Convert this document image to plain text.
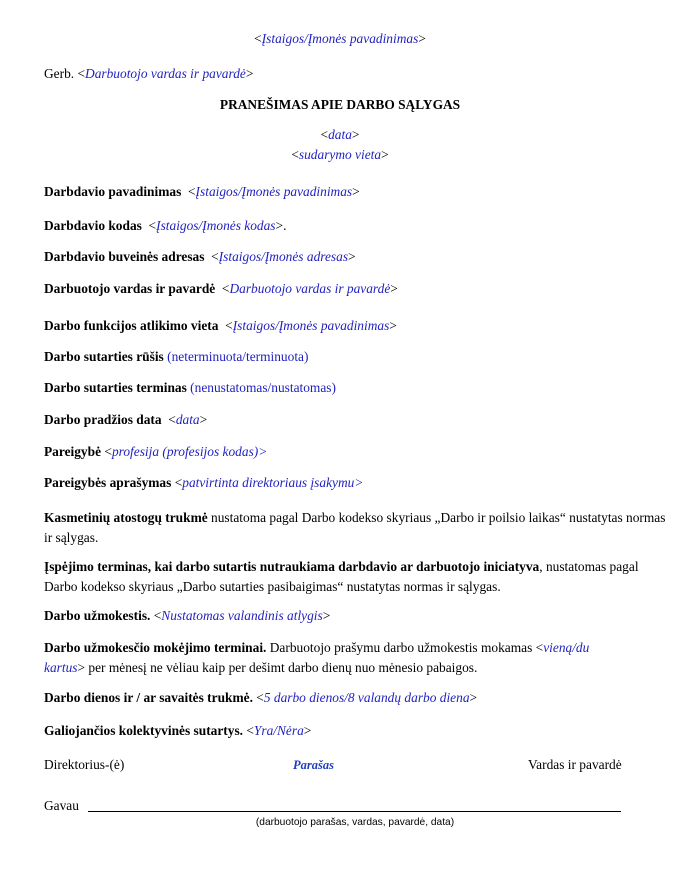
<Įstaigos/Įmonės pavadinimas>
Gerb. <Darbuotojo vardas ir pavardė>
PRANEŠIMAS APIE DARBO SĄLYGAS
<data>
<sudarymo vieta>
Darbdavio pavadinimas  <Įstaigos/Įmonės pavadinimas>
Darbdavio kodas  <Įstaigos/Įmonės kodas>.
Darbdavio buveinės adresas  <Įstaigos/Įmonės adresas>
Darbuotojo vardas ir pavardė  <Darbuotojo vardas ir pavardė>
Darbo funkcijos atlikimo vieta  <Įstaigos/Įmonės pavadinimas>
Darbo sutarties rūšis (neterminuota/terminuota)
Darbo sutarties terminas (nenustatomas/nustatomas)
Darbo pradžios data  <data>
Pareigybė <profesija (profesijos kodas)>
Pareigybės aprašymas <patvirtinta direktoriaus įsakymu>
Kasmetinių atostogų trukmė nustatoma pagal Darbo kodekso skyriaus „Darbo ir poilsio laikas“ nustatytas normas ir sąlygas.
Įspėjimo terminas, kai darbo sutartis nutraukiama darbdavio ar darbuotojo iniciatyva, nustatomas pagal Darbo kodekso skyriaus „Darbo sutarties pasibaigimas“ nustatytas normas ir sąlygas.
Darbo užmokestis. <Nustatomas valandinis atlygis>
Darbo užmokesčio mokėjimo terminai. Darbuotojo prašymu darbo užmokestis mokamas <vieną/du
kartus> per mėnesį ne vėliau kaip per dešimt darbo dienų nuo mėnesio pabaigos.
Darbo dienos ir / ar savaitės trukmė. <5 darbo dienos/8 valandų darbo diena>
Galiojančios kolektyvinės sutartys. <Yra/Nėra>
Direktorius-(ė)	Parašas	Vardas ir pavardė
Gavau
(darbuotojo parašas, vardas, pavardė, data)
